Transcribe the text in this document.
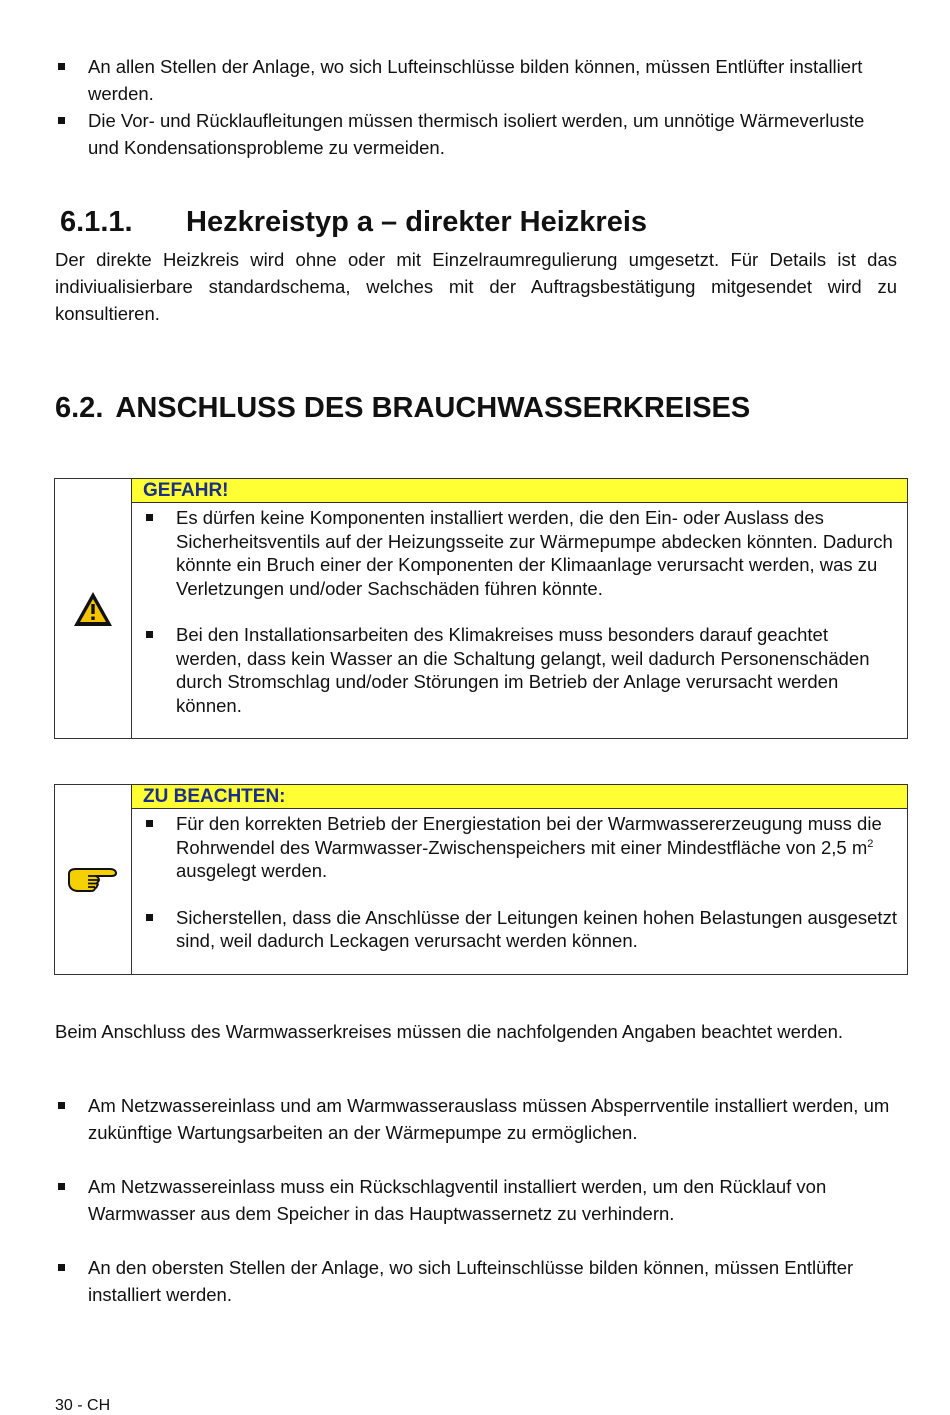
An allen Stellen der Anlage, wo sich Lufteinschlüsse bilden können, müssen Entlüfter installiert werden.
Die Vor- und Rücklaufleitungen müssen thermisch isoliert werden, um unnötige Wärmeverluste und Kondensationsprobleme zu vermeiden.
6.1.1. Hezkreistyp a – direkter Heizkreis
Der direkte Heizkreis wird ohne oder mit Einzelraumregulierung umgesetzt. Für Details ist das indiviualisierbare standardschema, welches mit der Auftragsbestätigung mitgesendet wird zu konsultieren.
6.2. ANSCHLUSS DES BRAUCHWASSERKREISES
GEFAHR!
Es dürfen keine Komponenten installiert werden, die den Ein- oder Auslass des Sicherheitsventils auf der Heizungsseite zur Wärmepumpe abdecken könnten. Dadurch könnte ein Bruch einer der Komponenten der Klimaanlage verursacht werden, was zu Verletzungen und/oder Sachschäden führen könnte.
Bei den Installationsarbeiten des Klimakreises muss besonders darauf geachtet werden, dass kein Wasser an die Schaltung gelangt, weil dadurch Personenschäden durch Stromschlag und/oder Störungen im Betrieb der Anlage verursacht werden können.
ZU BEACHTEN:
Für den korrekten Betrieb der Energiestation bei der Warmwassererzeugung muss die Rohrwendel des Warmwasser-Zwischenspeichers mit einer Mindestfläche von 2,5 $m^2$ ausgelegt werden.
Sicherstellen, dass die Anschlüsse der Leitungen keinen hohen Belastungen ausgesetzt sind, weil dadurch Leckagen verursacht werden können.
Beim Anschluss des Warmwasserkreises müssen die nachfolgenden Angaben beachtet werden.
Am Netzwassereinlass und am Warmwasserauslass müssen Absperrventile installiert werden, um zukünftige Wartungsarbeiten an der Wärmepumpe zu ermöglichen.
Am Netzwassereinlass muss ein Rückschlagventil installiert werden, um den Rücklauf von Warmwasser aus dem Speicher in das Hauptwassernetz zu verhindern.
An den obersten Stellen der Anlage, wo sich Lufteinschlüsse bilden können, müssen Entlüfter installiert werden.
30 - CH
